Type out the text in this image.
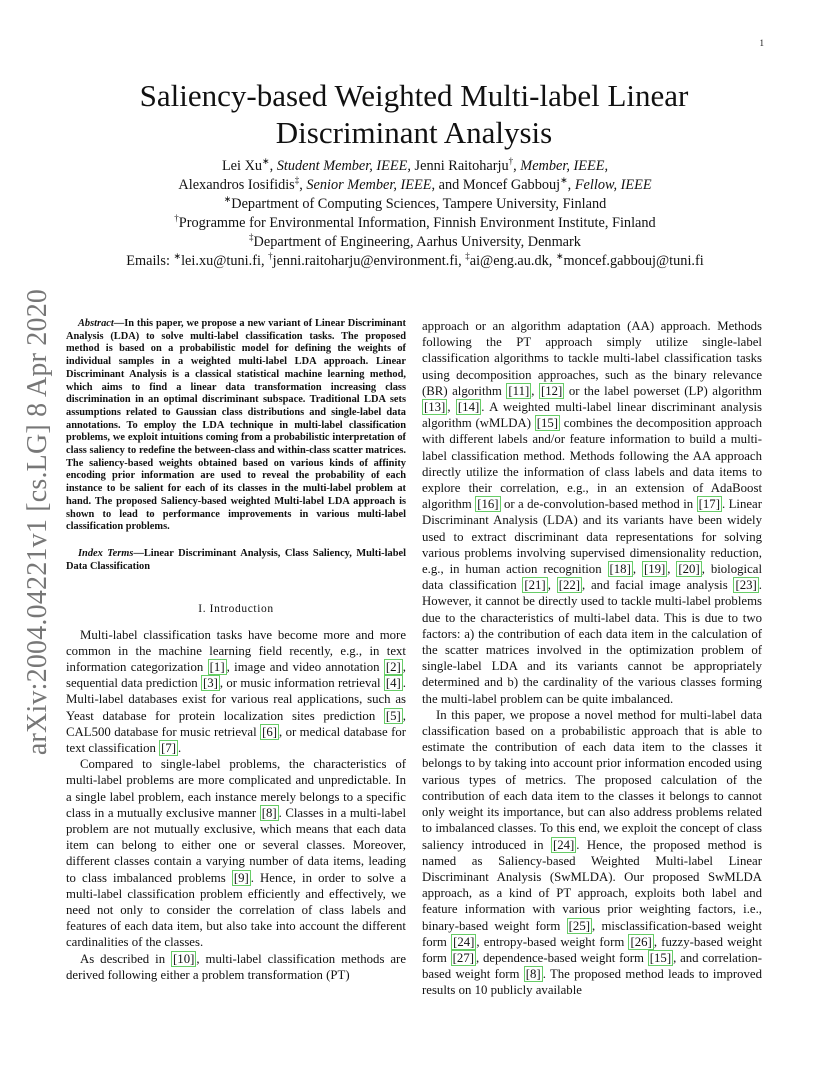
1
arXiv:2004.04221v1 [cs.LG] 8 Apr 2020
Saliency-based Weighted Multi-label Linear Discriminant Analysis

Lei Xu∗, Student Member, IEEE, Jenni Raitoharju†, Member, IEEE,

Alexandros Iosifidis‡, Senior Member, IEEE, and Moncef Gabbouj∗, Fellow, IEEE

∗Department of Computing Sciences, Tampere University, Finland

†Programme for Environmental Information, Finnish Environment Institute, Finland

‡Department of Engineering, Aarhus University, Denmark

Emails: ∗lei.xu@tuni.fi, †jenni.raitoharju@environment.fi, ‡ai@eng.au.dk, ∗moncef.gabbouj@tuni.fi

Abstract—In this paper, we propose a new variant of Linear Discriminant Analysis (LDA) to solve multi-label classification tasks. The proposed method is based on a probabilistic model for defining the weights of individual samples in a weighted multi-label LDA approach. Linear Discriminant Analysis is a classical statistical machine learning method, which aims to find a linear data transformation increasing class discrimination in an optimal discriminant subspace. Traditional LDA sets assumptions related to Gaussian class distributions and single-label data annotations. To employ the LDA technique in multi-label classification problems, we exploit intuitions coming from a probabilistic interpretation of class saliency to redefine the between-class and within-class scatter matrices. The saliency-based weights obtained based on various kinds of affinity encoding prior information are used to reveal the probability of each instance to be salient for each of its classes in the multi-label problem at hand. The proposed Saliency-based weighted Multi-label LDA approach is shown to lead to performance improvements in various multi-label classification problems.
Index Terms—Linear Discriminant Analysis, Class Saliency, Multi-label Data Classification
I. Introduction

Multi-label classification tasks have become more and more common in the machine learning field recently, e.g., in text information categorization [1] , image and video annotation [2] , sequential data prediction [3] , or music information retrieval [4] . Multi-label databases exist for various real applications, such as Yeast database for protein localization sites prediction [5] , CAL500 database for music retrieval [6] , or medical database for text classification [7] .

Compared to single-label problems, the characteristics of multi-label problems are more complicated and unpredictable. In a single label problem, each instance merely belongs to a specific class in a mutually exclusive manner [8] . Classes in a multi-label problem are not mutually exclusive, which means that each data item can belong to either one or several classes. Moreover, different classes contain a varying number of data items, leading to class imbalanced problems [9] . Hence, in order to solve a multi-label classification problem efficiently and effectively, we need not only to consider the correlation of class labels and features of each data item, but also take into account the different cardinalities of the classes.

As described in [10] , multi-label classification methods are derived following either a problem transformation (PT)

approach or an algorithm adaptation (AA) approach. Methods following the PT approach simply utilize single-label classification algorithms to tackle multi-label classification tasks using decomposition approaches, such as the binary relevance (BR) algorithm [11] , [12] or the label powerset (LP) algorithm [13] , [14] . A weighted multi-label linear discriminant analysis algorithm (wMLDA) [15] combines the decomposition approach with different labels and/or feature information to build a multi-label classification method. Methods following the AA approach directly utilize the information of class labels and data items to explore their correlation, e.g., in an extension of AdaBoost algorithm [16] or a de-convolution-based method in [17] . Linear Discriminant Analysis (LDA) and its variants have been widely used to extract discriminant data representations for solving various problems involving supervised dimensionality reduction, e.g., in human action recognition [18] , [19] , [20] , biological data classification [21] , [22] , and facial image analysis [23] . However, it cannot be directly used to tackle multi-label problems due to the characteristics of multi-label data. This is due to two factors: a) the contribution of each data item in the calculation of the scatter matrices involved in the optimization problem of single-label LDA and its variants cannot be appropriately determined and b) the cardinality of the various classes forming the multi-label problem can be quite imbalanced.

In this paper, we propose a novel method for multi-label data classification based on a probabilistic approach that is able to estimate the contribution of each data item to the classes it belongs to by taking into account prior information encoded using various types of metrics. The proposed calculation of the contribution of each data item to the classes it belongs to cannot only weight its importance, but can also address problems related to imbalanced classes. To this end, we exploit the concept of class saliency introduced in [24] . Hence, the proposed method is named as Saliency-based Weighted Multi-label Linear Discriminant Analysis (SwMLDA). Our proposed SwMLDA approach, as a kind of PT approach, exploits both label and feature information with various prior weighting factors, i.e., binary-based weight form [25] , misclassification-based weight form [24] , entropy-based weight form [26] , fuzzy-based weight form [27] , dependence-based weight form [15] , and correlation-based weight form [8] . The proposed method leads to improved results on 10 publicly available
